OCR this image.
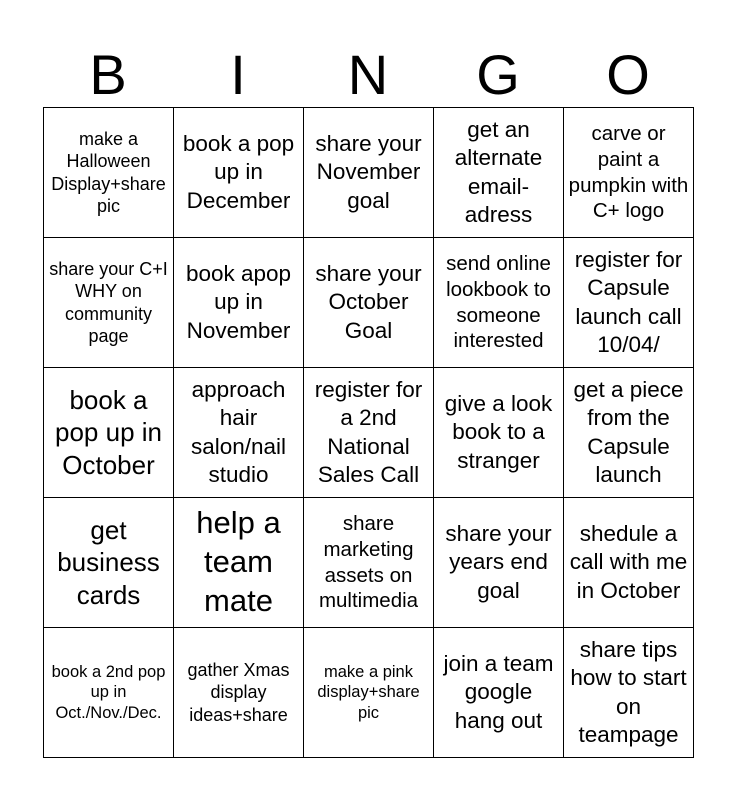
B	I	N	G	O
make a Halloween Display+share pic	book a pop up in December	share your November goal	get an alternate email-adress	carve or paint a pumpkin with C+ logo
share your C+I WHY on community page	book apop up in November	share your October Goal	send online lookbook to someone interested	register for Capsule launch call 10/04/
book a pop up in October	approach hair salon/nail studio	register for a 2nd National Sales Call	give a look book to a stranger	get a piece from the Capsule launch
get business cards	help a team mate	share marketing assets on multimedia	share your years end goal	shedule a call with me in October
book a 2nd pop up in Oct./Nov./Dec.	gather Xmas display ideas+share	make a pink display+share pic	join a team google hang out	share tips how to start on teampage
